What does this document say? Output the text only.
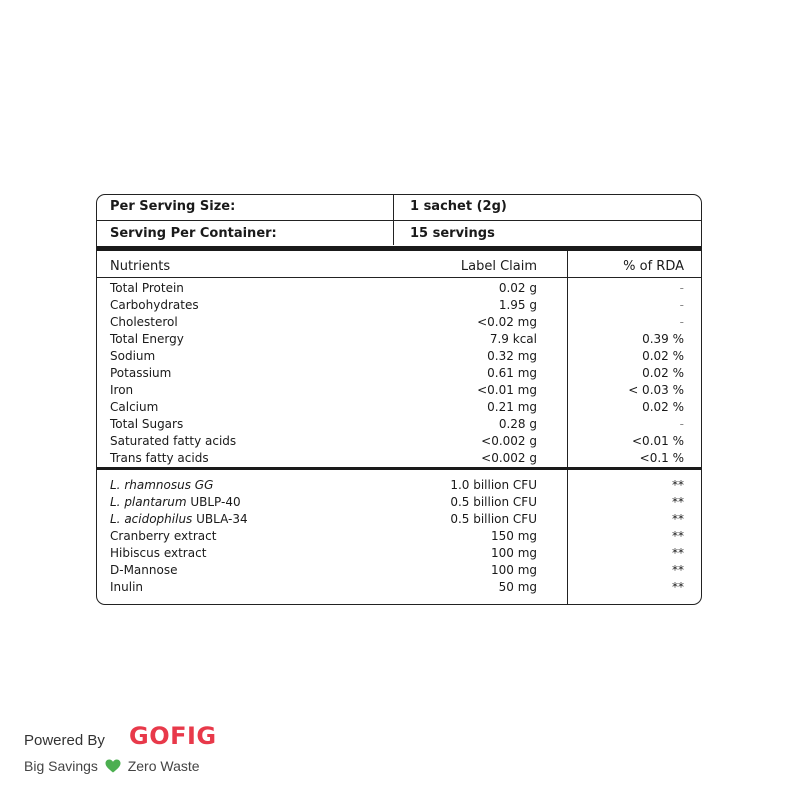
Per Serving Size:	1 sachet (2g)
Serving Per Container:	15 servings
Nutrients	Label Claim	% of RDA
Total Protein	0.02 g	-
Carbohydrates	1.95 g	-
Cholesterol	<0.02 mg	-
Total Energy	7.9 kcal	0.39 %
Sodium	0.32 mg	0.02 %
Potassium	0.61 mg	0.02 %
Iron	<0.01 mg	< 0.03 %
Calcium	0.21 mg	0.02 %
Total Sugars	0.28 g	-
Saturated fatty acids	<0.002 g	<0.01 %
Trans fatty acids	<0.002 g	<0.1 %
L. rhamnosus GG	1.0 billion CFU	**
L. plantarum UBLP-40	0.5 billion CFU	**
L. acidophilus UBLA-34	0.5 billion CFU	**
Cranberry extract	150 mg	**
Hibiscus extract	100 mg	**
D-Mannose	100 mg	**
Inulin	50 mg	**
Powered By GOFIG
Big Savings Zero Waste
